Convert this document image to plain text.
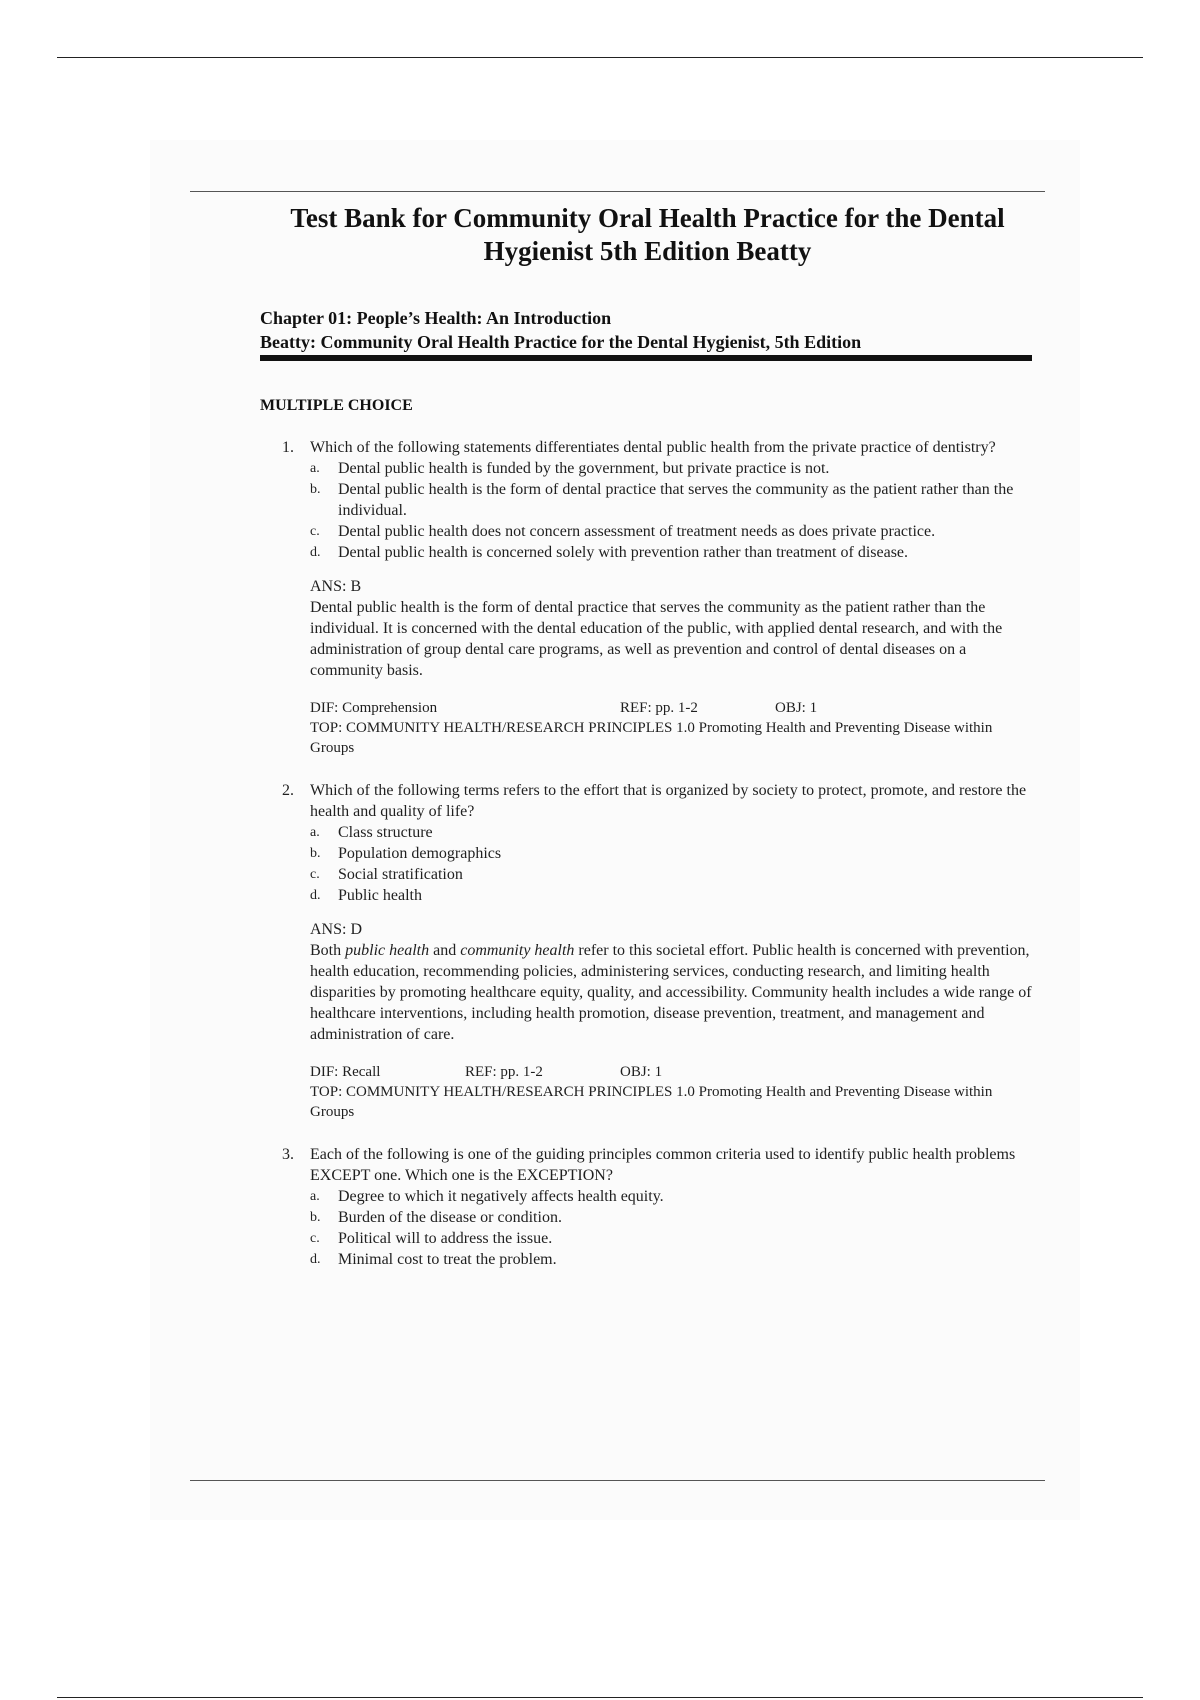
Test Bank for Community Oral Health Practice for the Dental
Hygienist 5th Edition Beatty
Chapter 01: People’s Health: An Introduction
Beatty: Community Oral Health Practice for the Dental Hygienist, 5th Edition
MULTIPLE CHOICE
1. Which of the following statements differentiates dental public health from the private practice of dentistry?

a. Dental public health is funded by the government, but private practice is not.
b. Dental public health is the form of dental practice that serves the community as the patient rather than the individual.
c. Dental public health does not concern assessment of treatment needs as does private practice.
d. Dental public health is concerned solely with prevention rather than treatment of disease.
ANS: B

Dental public health is the form of dental practice that serves the community as the patient rather than the individual. It is concerned with the dental education of the public, with applied dental research, and with the administration of group dental care programs, as well as prevention and control of dental diseases on a community basis.

DIF: Comprehension	REF: pp. 1-2	OBJ: 1
TOP: COMMUNITY HEALTH/RESEARCH PRINCIPLES 1.0 Promoting Health and Preventing Disease within Groups
2. Which of the following terms refers to the effort that is organized by society to protect, promote, and restore the health and quality of life?

a. Class structure
b. Population demographics
c. Social stratification
d. Public health
ANS: D

Both public health and community health refer to this societal effort. Public health is concerned with prevention, health education, recommending policies, administering services, conducting research, and limiting health disparities by promoting healthcare equity, quality, and accessibility. Community health includes a wide range of healthcare interventions, including health promotion, disease prevention, treatment, and management and administration of care.

DIF: Recall	REF: pp. 1-2	OBJ: 1
TOP: COMMUNITY HEALTH/RESEARCH PRINCIPLES 1.0 Promoting Health and Preventing Disease within Groups
3. Each of the following is one of the guiding principles common criteria used to identify public health problems EXCEPT one. Which one is the EXCEPTION?

a. Degree to which it negatively affects health equity.
b. Burden of the disease or condition.
c. Political will to address the issue.
d. Minimal cost to treat the problem.
